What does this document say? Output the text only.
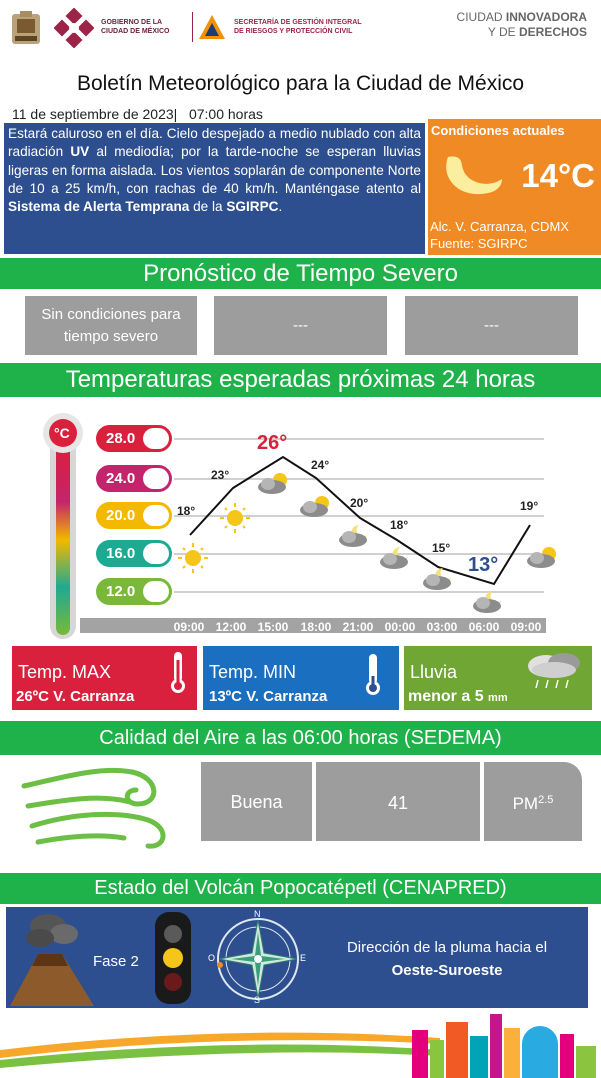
GOBIERNO DE LA
CIUDAD DE MÉXICO
SECRETARÍA DE GESTIÓN INTEGRAL
DE RIESGOS Y PROTECCIÓN CIVIL
CIUDAD INNOVADORA
Y DE DERECHOS
Boletín Meteorológico para la Ciudad de México
11 de septiembre de 2023| 07:00 horas
Estará caluroso en el día. Cielo despejado a medio nublado con alta radiación UV al mediodía; por la tarde-noche se esperan lluvias ligeras en forma aislada. Los vientos soplarán de componente Norte de 10 a 25 km/h, con rachas de 40 km/h. Manténgase atento al Sistema de Alerta Temprana de la SGIRPC.
Condiciones actuales
14°C
Alc. V. Carranza, CDMX
Fuente: SGIRPC
Pronóstico de Tiempo Severo
Sin condiciones para tiempo severo
---	---
Temperaturas esperadas próximas 24 horas
°C 28.0
24.0
20.0
16.0
12.0
18°
23°
26°
24°
20°
18°
15°
13°
19°
09:00 12:00 15:00	18:00 21:00 00:00 03:00 06:00 09:00
Temp. MAX
26ºC V. Carranza
Temp. MIN
13ºC V. Carranza
Lluvia
menor a 5 mm
Calidad del Aire a las 06:00 horas (SEDEMA)
Buena	41	$PM^{2.5}$
Estado del Volcán Popocatépetl (CENAPRED)
Fase 2
N
S
E
O
Dirección de la pluma hacia el
Oeste-Suroeste
